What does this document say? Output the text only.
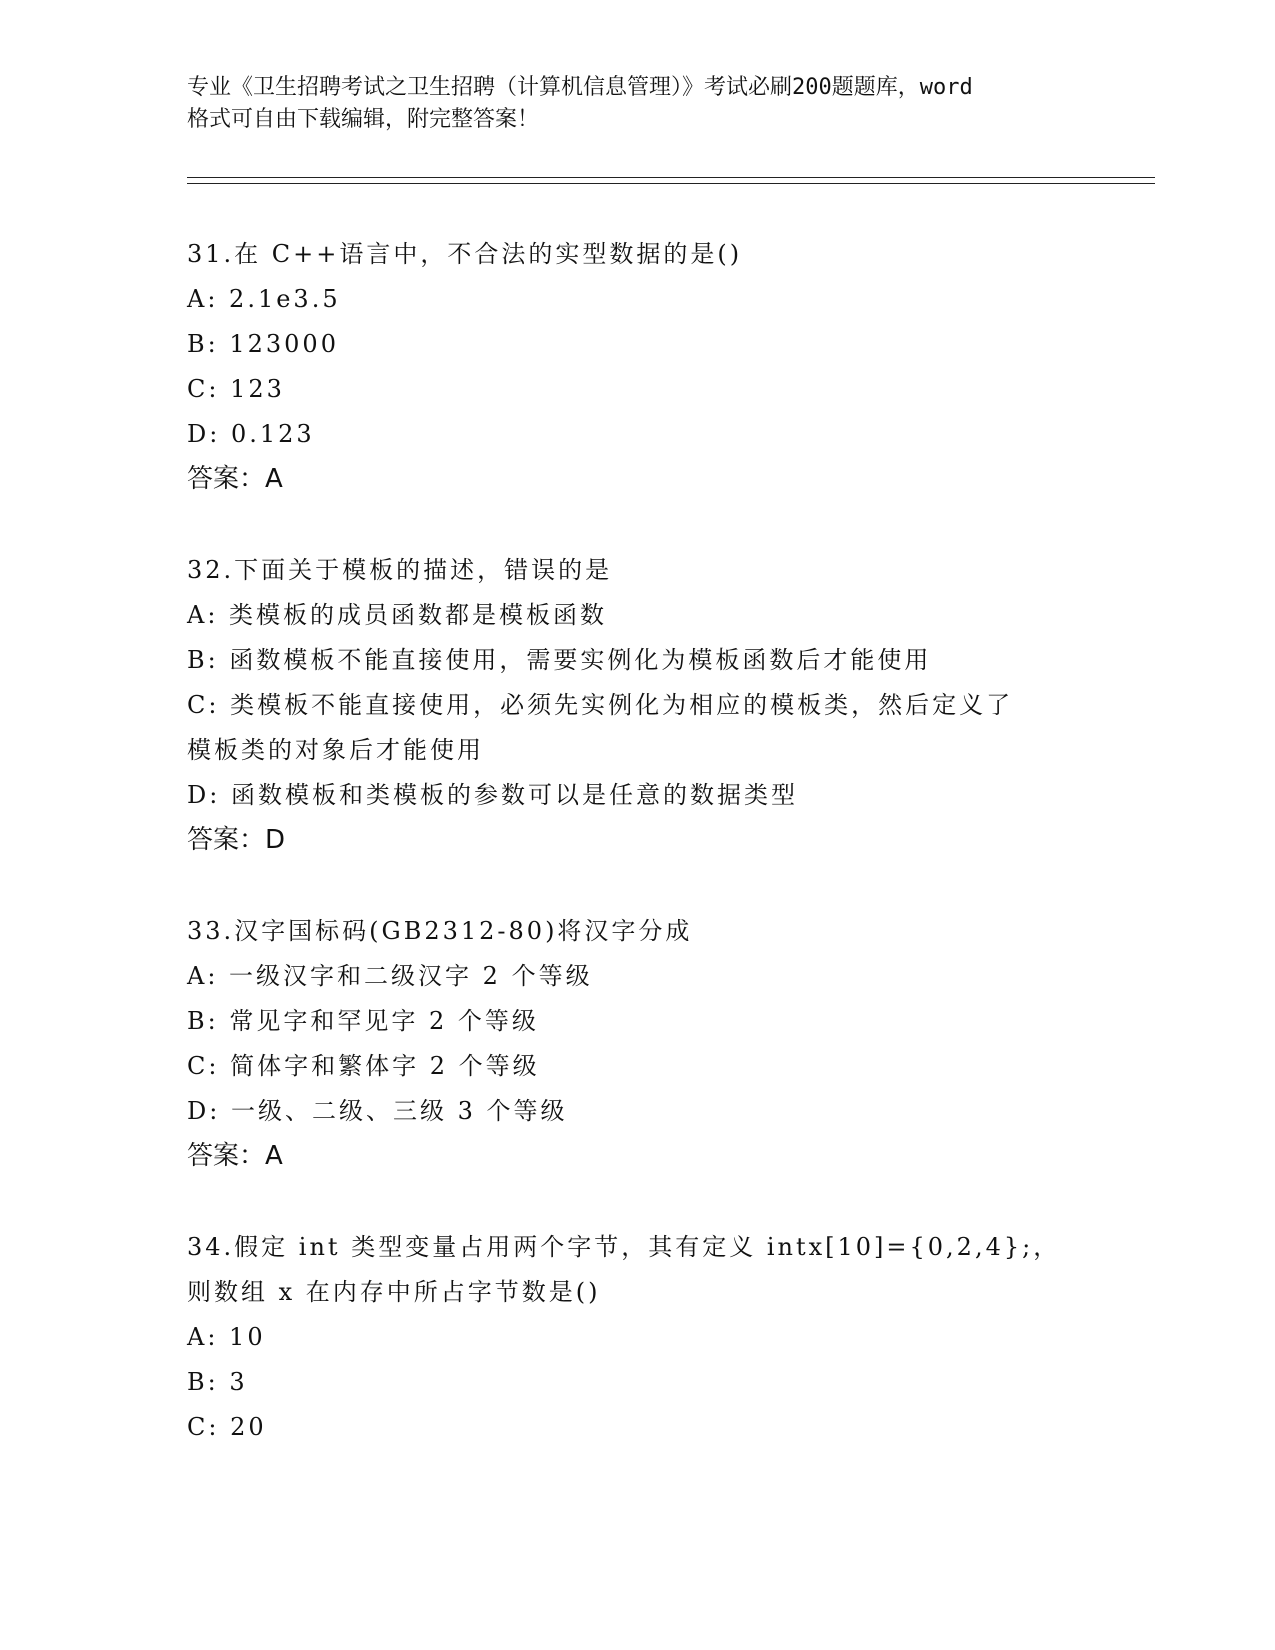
专业《卫生招聘考试之卫生招聘（计算机信息管理）》考试必刷200题题库，word
格式可自由下载编辑，附完整答案！
31.在 C++语言中，不合法的实型数据的是()
A: 2.1e3.5
B: 123000
C: 123
D: 0.123
答案：A
32.下面关于模板的描述，错误的是
A: 类模板的成员函数都是模板函数
B: 函数模板不能直接使用，需要实例化为模板函数后才能使用
C: 类模板不能直接使用，必须先实例化为相应的模板类，然后定义了
模板类的对象后才能使用
D: 函数模板和类模板的参数可以是任意的数据类型
答案：D
33.汉字国标码(GB2312-80)将汉字分成
A: 一级汉字和二级汉字 2 个等级
B: 常见字和罕见字 2 个等级
C: 简体字和繁体字 2 个等级
D: 一级、二级、三级 3 个等级
答案：A
34.假定 int 类型变量占用两个字节，其有定义 intx[10]={0,2,4};，
则数组 x 在内存中所占字节数是()
A: 10
B: 3
C: 20
